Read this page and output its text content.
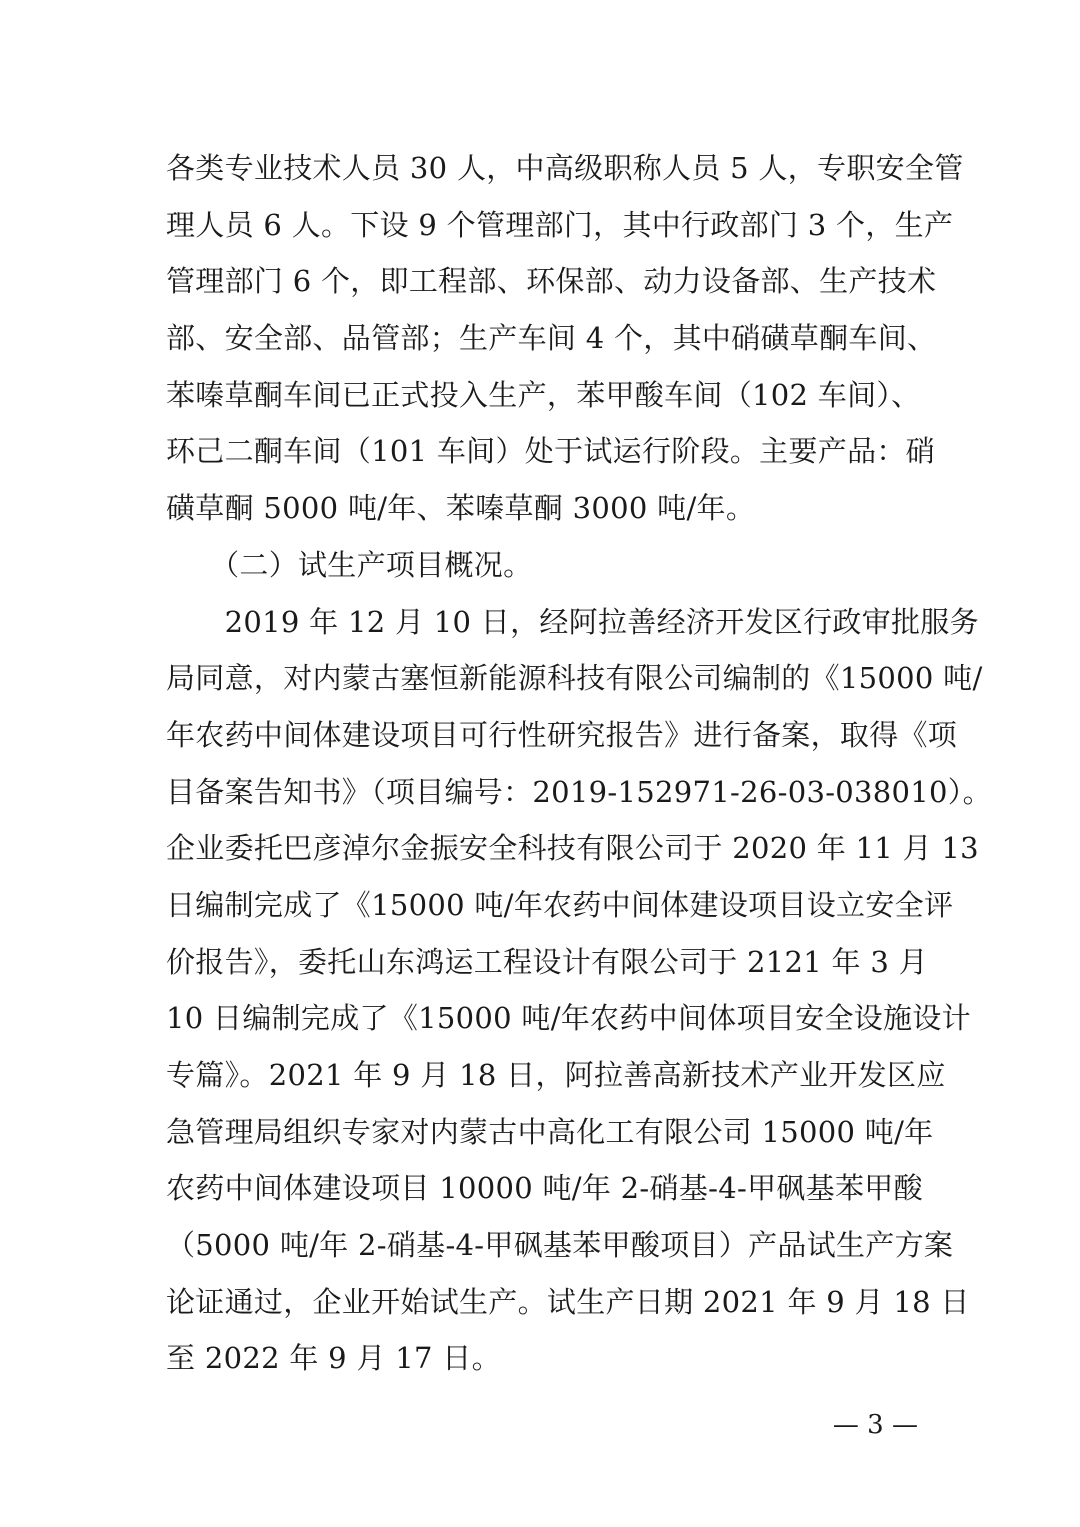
各类专业技术人员 30 人，中高级职称人员 5 人，专职安全管
理人员 6 人。下设 9 个管理部门，其中行政部门 3 个，生产
管理部门 6 个，即工程部、环保部、动力设备部、生产技术
部、安全部、品管部；生产车间 4 个，其中硝磺草酮车间、
苯嗪草酮车间已正式投入生产，苯甲酸车间（102 车间）、
环己二酮车间（101 车间）处于试运行阶段。主要产品：硝
磺草酮 5000 吨/年、苯嗪草酮 3000 吨/年。
　　（二）试生产项目概况。
　　2019 年 12 月 10 日，经阿拉善经济开发区行政审批服务
局同意，对内蒙古塞恒新能源科技有限公司编制的《15000 吨/
年农药中间体建设项目可行性研究报告》进行备案，取得《项
目备案告知书》（项目编号：2019-152971-26-03-038010）。
企业委托巴彦淖尔金振安全科技有限公司于 2020 年 11 月 13
日编制完成了《15000 吨/年农药中间体建设项目设立安全评
价报告》，委托山东鸿运工程设计有限公司于 2121 年 3 月
10 日编制完成了《15000 吨/年农药中间体项目安全设施设计
专篇》。2021 年 9 月 18 日，阿拉善高新技术产业开发区应
急管理局组织专家对内蒙古中高化工有限公司 15000 吨/年
农药中间体建设项目 10000 吨/年 2-硝基-4-甲砜基苯甲酸
（5000 吨/年 2-硝基-4-甲砜基苯甲酸项目）产品试生产方案
论证通过，企业开始试生产。试生产日期 2021 年 9 月 18 日
至 2022 年 9 月 17 日。
— 3 —
